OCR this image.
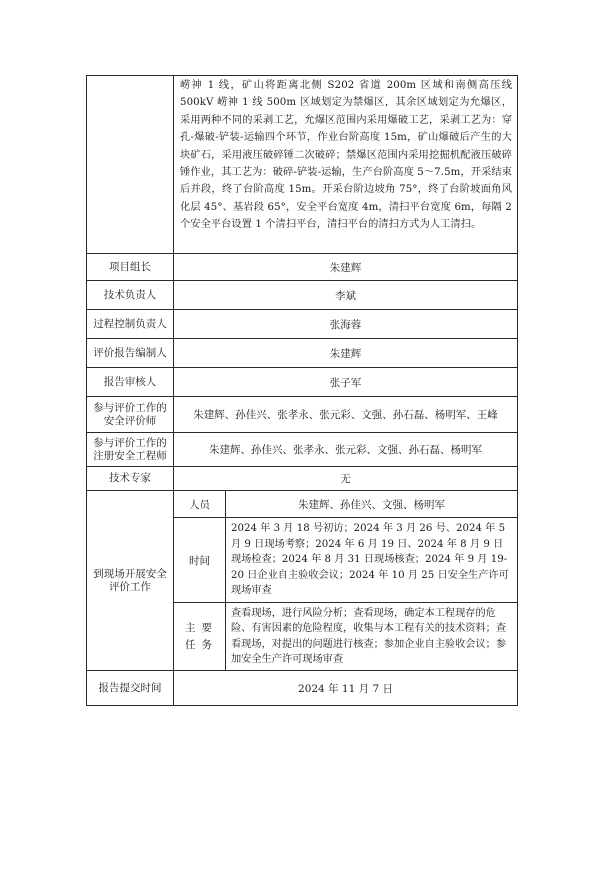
	崂神 1 线，矿山将距离北侧 S202 省道 200m 区域和南侧高压线 500kV 崂神 1 线 500m 区域划定为禁爆区，其余区域划定为允爆区，采用两种不同的采剥工艺，允爆区范围内采用爆破工艺，采剥工艺为：穿孔-爆破-铲装-运输四个环节，作业台阶高度 15m，矿山爆破后产生的大块矿石，采用液压破碎锤二次破碎；禁爆区范围内采用挖掘机配液压破碎锤作业，其工艺为：破碎-铲装-运输，生产台阶高度 5～7.5m，开采结束后并段，终了台阶高度 15m。开采台阶边坡角 75°，终了台阶坡面角风化层 45°、基岩段 65°，安全平台宽度 4m，清扫平台宽度 6m，每隔 2 个安全平台设置 1 个清扫平台，清扫平台的清扫方式为人工清扫。	
项目组长	朱建辉	
技术负责人	李斌	
过程控制负责人	张海蓉	
评价报告编制人	朱建辉	
报告审核人	张子军	
参与评价工作的安全评价师	朱建辉、孙佳兴、张孝永、张元彩、文强、孙石磊、杨明军、王峰	
参与评价工作的注册安全工程师	朱建辉、孙佳兴、张孝永、张元彩、文强、孙石磊、杨明军	
技术专家	无	
到现场开展安全评价工作	人员	朱建辉、孙佳兴、文强、杨明军
	时间	2024 年 3 月 18 号初访；2024 年 3 月 26 号、2024 年 5 月 9 日现场考察；2024 年 6 月 19 日、2024 年 8 月 9 日现场检查；2024 年 8 月 31 日现场核查；2024 年 9 月 19-20 日企业自主验收会议；2024 年 10 月 25 日安全生产许可现场审查
	主要任务	查看现场，进行风险分析；查看现场，确定本工程现存的危险、有害因素的危险程度，收集与本工程有关的技术资料；查看现场，对提出的问题进行核查；参加企业自主验收会议；参加安全生产许可现场审查
报告提交时间	2024 年 11 月 7 日	
